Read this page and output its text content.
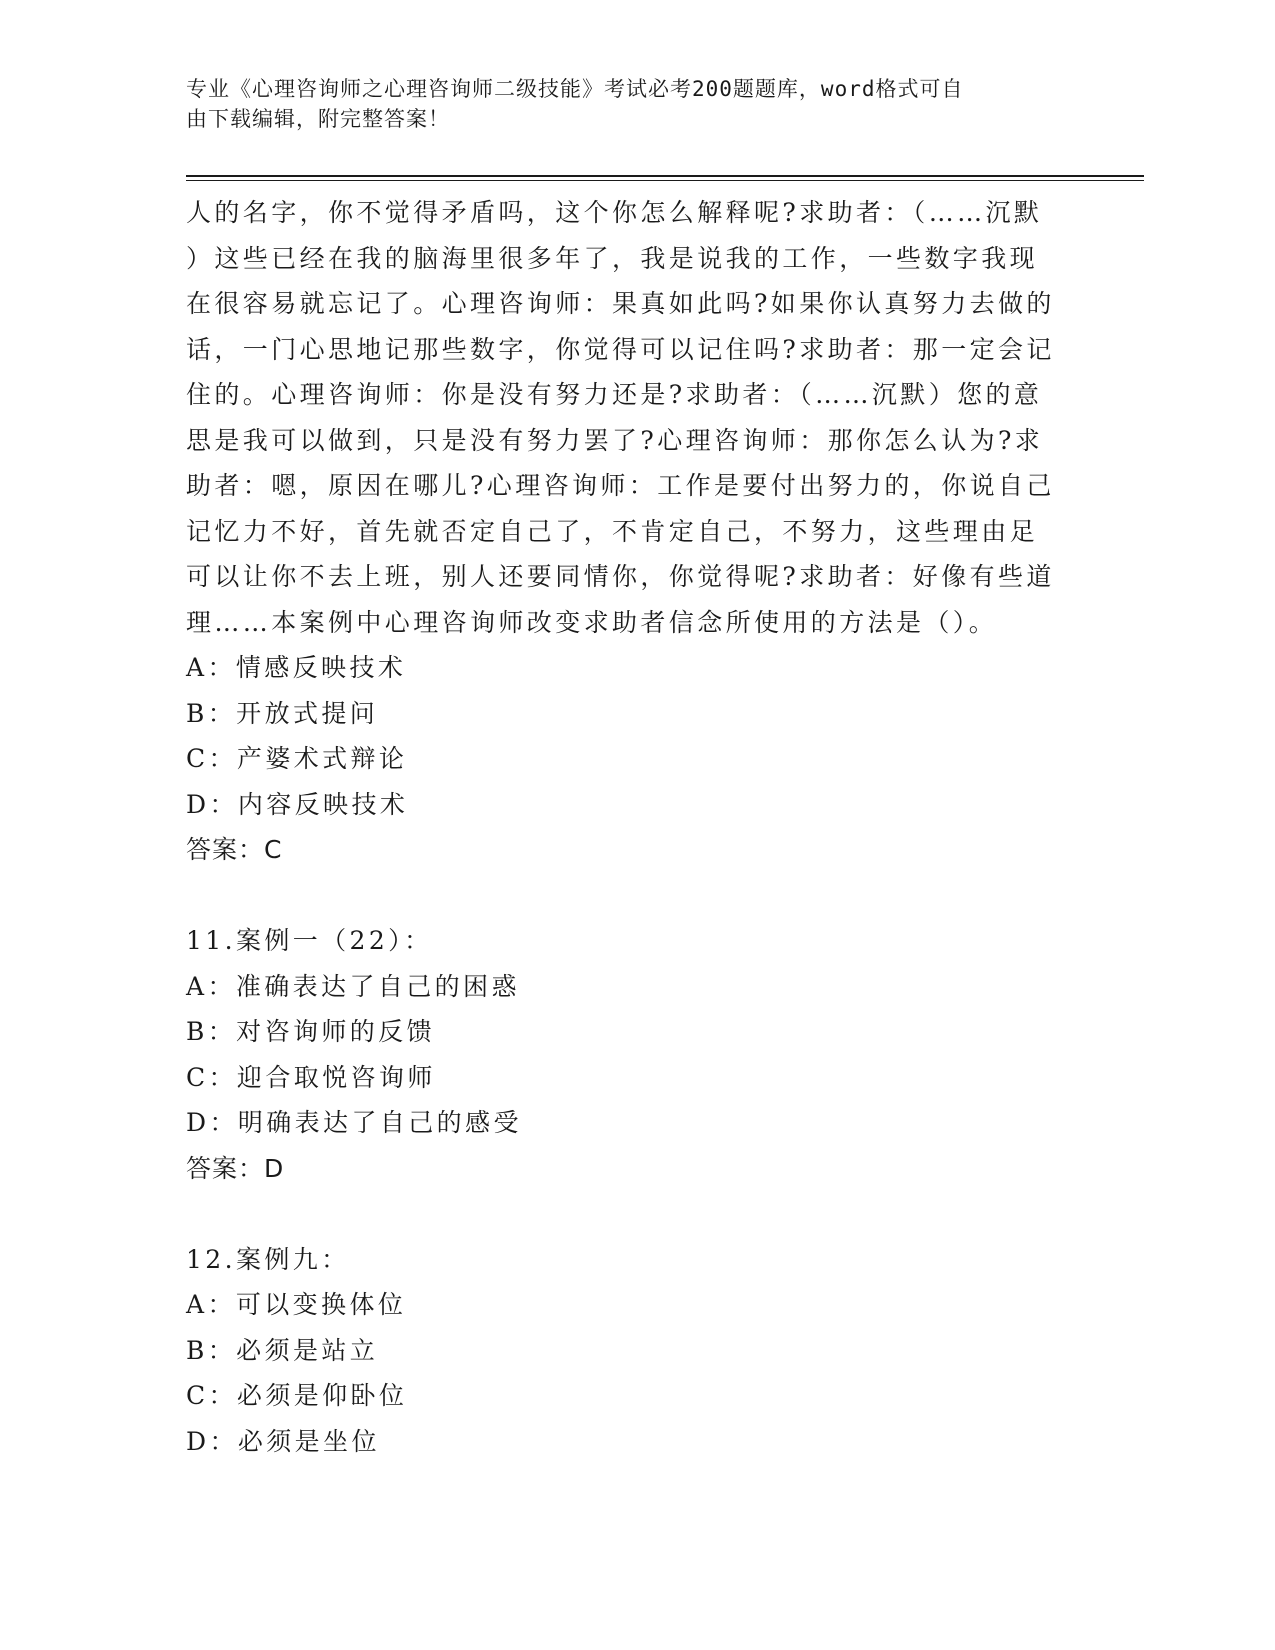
专业《心理咨询师之心理咨询师二级技能》考试必考200题题库，word格式可自
由下载编辑，附完整答案！
人的名字，你不觉得矛盾吗，这个你怎么解释呢?求助者：（……沉默
）这些已经在我的脑海里很多年了，我是说我的工作，一些数字我现
在很容易就忘记了。心理咨询师：果真如此吗?如果你认真努力去做的
话，一门心思地记那些数字，你觉得可以记住吗?求助者：那一定会记
住的。心理咨询师：你是没有努力还是?求助者：（……沉默）您的意
思是我可以做到，只是没有努力罢了?心理咨询师：那你怎么认为?求
助者：嗯，原因在哪儿?心理咨询师：工作是要付出努力的，你说自己
记忆力不好，首先就否定自己了，不肯定自己，不努力，这些理由足
可以让你不去上班，别人还要同情你，你觉得呢?求助者：好像有些道
理……本案例中心理咨询师改变求助者信念所使用的方法是（）。
A：情感反映技术
B：开放式提问
C：产婆术式辩论
D：内容反映技术
答案：C
11.案例一（22）：
A：准确表达了自己的困惑
B：对咨询师的反馈
C：迎合取悦咨询师
D：明确表达了自己的感受
答案：D
12.案例九：
A：可以变换体位
B：必须是站立
C：必须是仰卧位
D：必须是坐位
